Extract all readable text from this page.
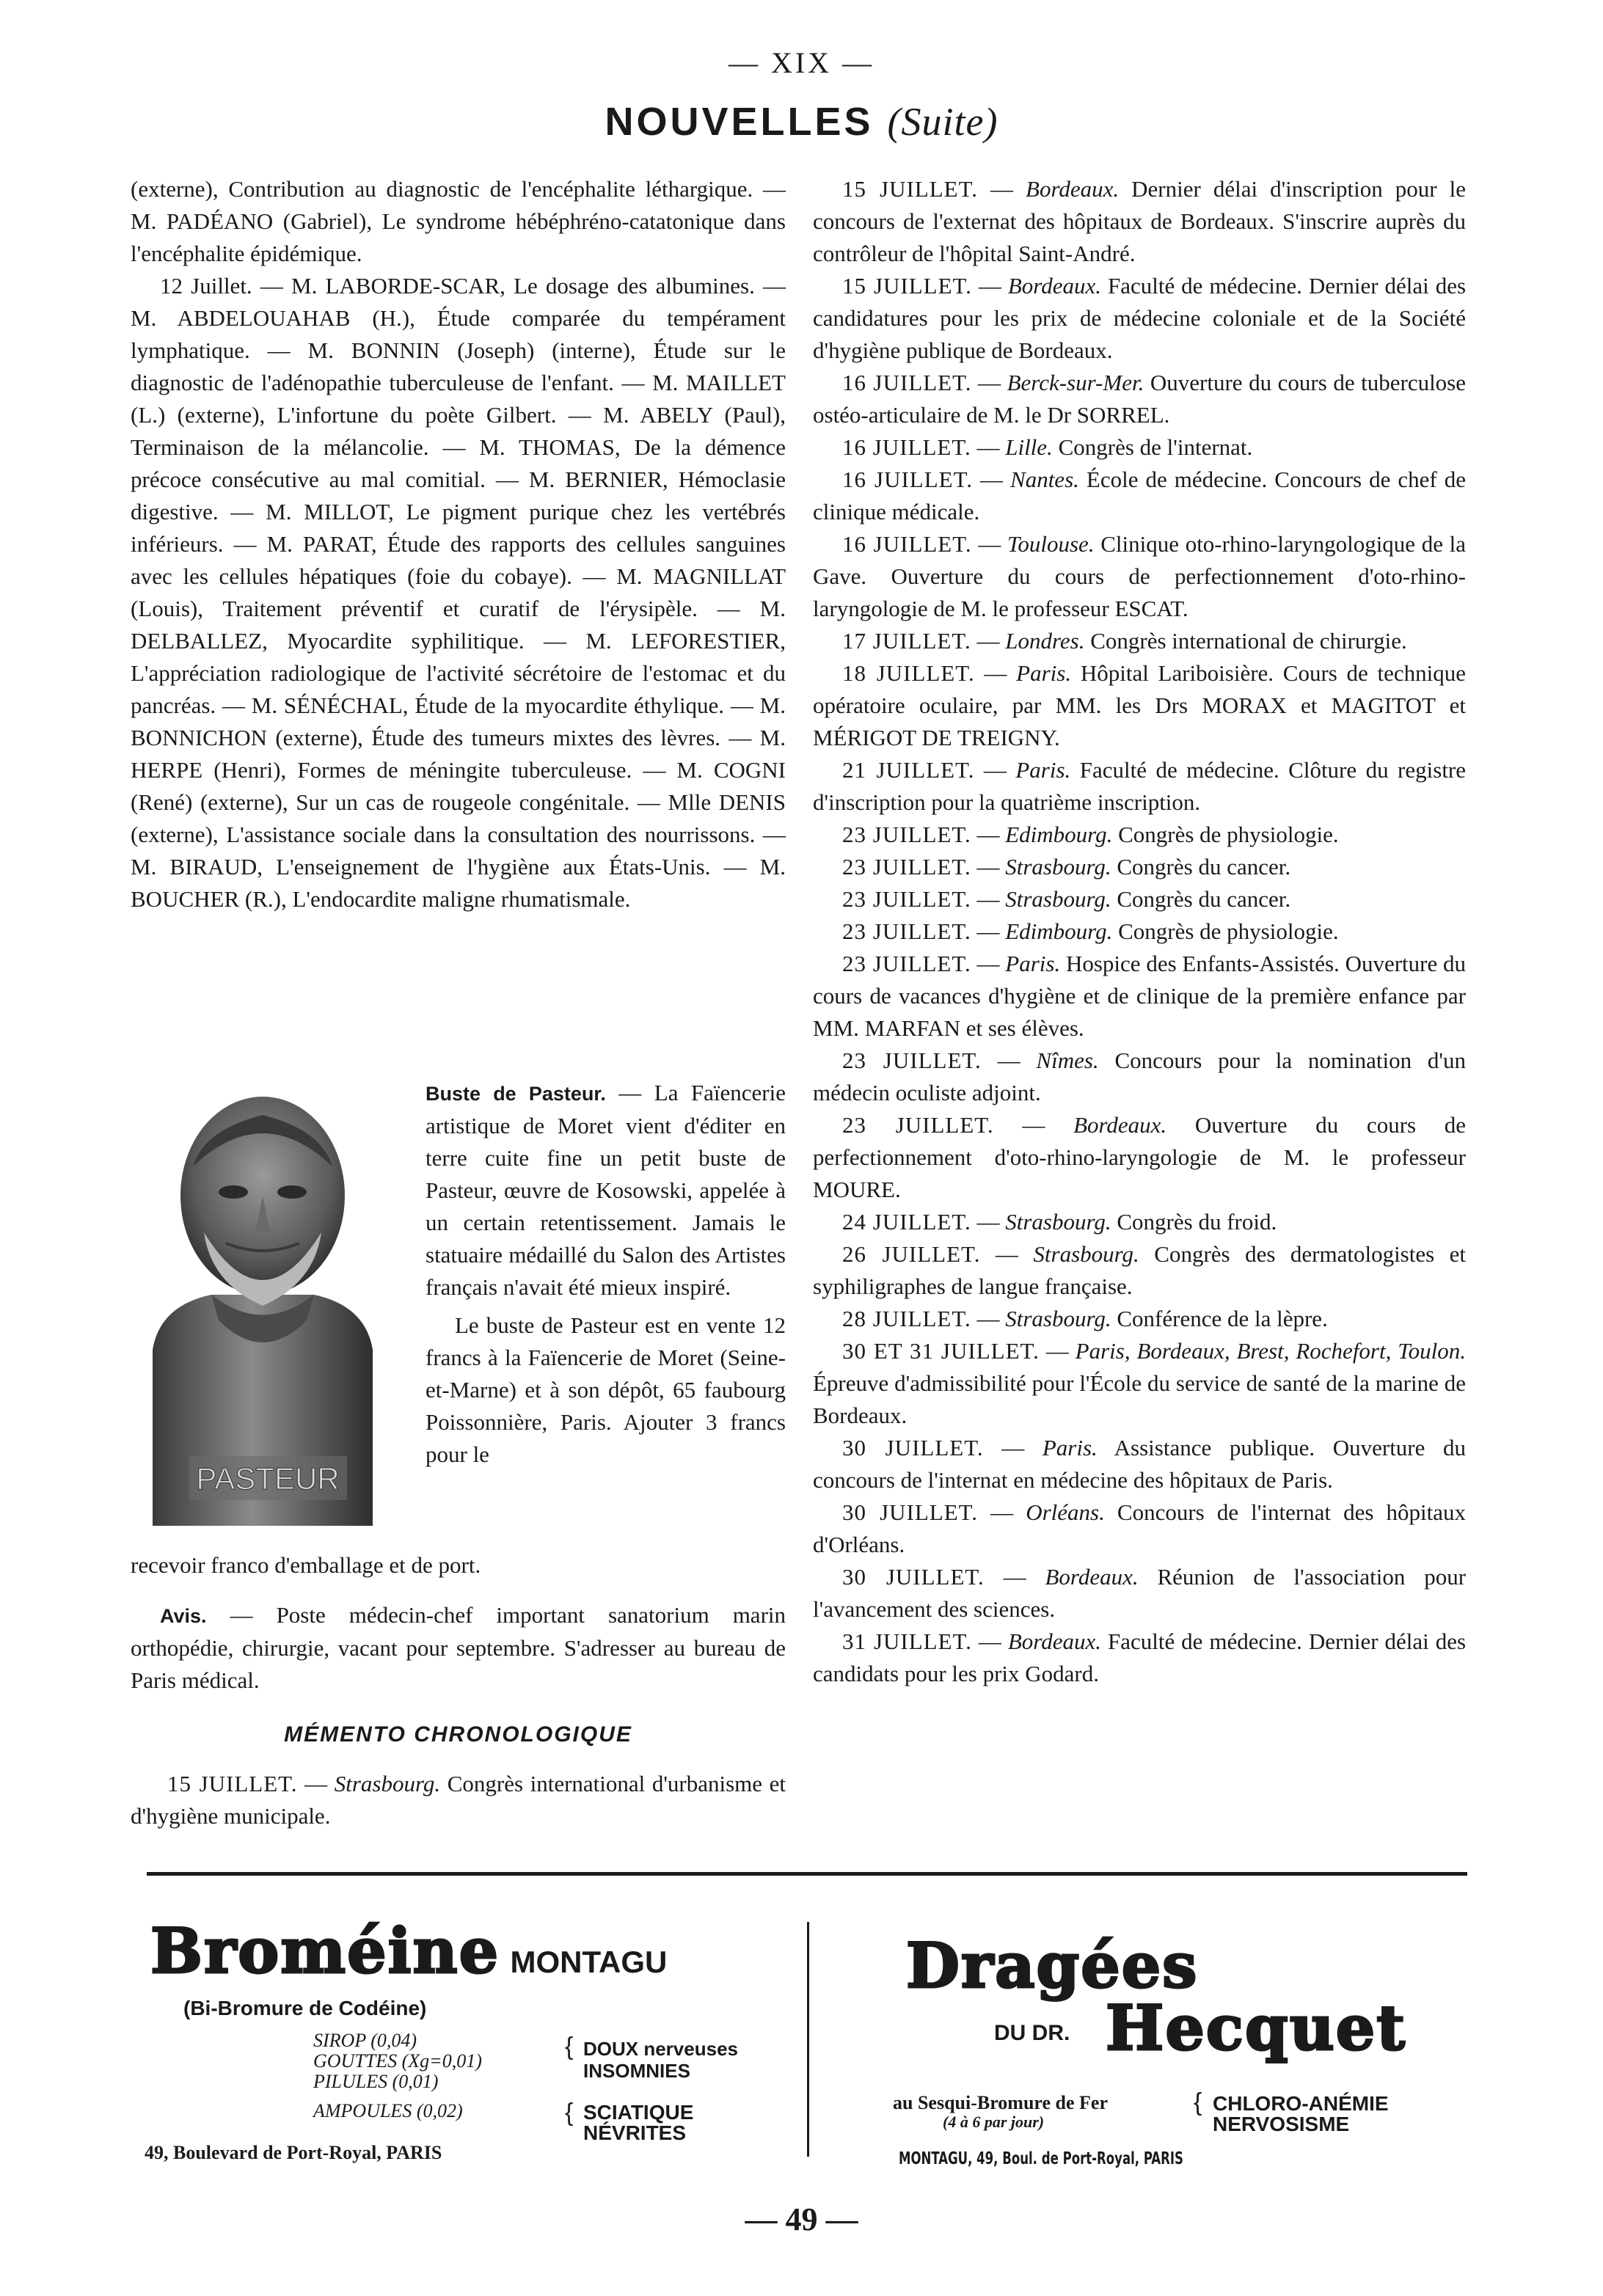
— XIX —
NOUVELLES (Suite)

(externe), Contribution au diagnostic de l'encéphalite léthargique. — M. PADÉANO (Gabriel), Le syndrome hébéphréno-catatonique dans l'encéphalite épidémique.

12 Juillet. — M. LABORDE-SCAR, Le dosage des albumines. — M. ABDELOUAHAB (H.), Étude comparée du tempérament lymphatique. — M. BONNIN (Joseph) (interne), Étude sur le diagnostic de l'adénopathie tuberculeuse de l'enfant. — M. MAILLET (L.) (externe), L'infortune du poète Gilbert. — M. ABELY (Paul), Terminaison de la mélancolie. — M. THOMAS, De la démence précoce consécutive au mal comitial. — M. BERNIER, Hémoclasie digestive. — M. MILLOT, Le pigment purique chez les vertébrés inférieurs. — M. PARAT, Étude des rapports des cellules sanguines avec les cellules hépatiques (foie du cobaye). — M. MAGNILLAT (Louis), Traitement préventif et curatif de l'érysipèle. — M. DELBALLEZ, Myocardite syphilitique. — M. LEFORESTIER, L'appréciation radiologique de l'activité sécrétoire de l'estomac et du pancréas. — M. SÉNÉCHAL, Étude de la myocardite éthylique. — M. BONNICHON (externe), Étude des tumeurs mixtes des lèvres. — M. HERPE (Henri), Formes de méningite tuberculeuse. — M. COGNI (René) (externe), Sur un cas de rougeole congénitale. — Mlle DENIS (externe), L'assistance sociale dans la consultation des nourrissons. — M. BIRAUD, L'enseignement de l'hygiène aux États-Unis. — M. BOUCHER (R.), L'endocardite maligne rhumatismale.

PASTEUR

Buste de Pasteur. — La Faïencerie artistique de Moret vient d'éditer en terre cuite fine un petit buste de Pasteur, œuvre de Kosowski, appelée à un certain retentissement. Jamais le statuaire médaillé du Salon des Artistes français n'avait été mieux inspiré.

Le buste de Pasteur est en vente 12 francs à la Faïencerie de Moret (Seine-et-Marne) et à son dépôt, 65 faubourg Poissonnière, Paris. Ajouter 3 francs pour le

recevoir franco d'emballage et de port.
Avis. — Poste médecin-chef important sanatorium marin orthopédie, chirurgie, vacant pour septembre. S'adresser au bureau de Paris médical.
MÉMENTO CHRONOLOGIQUE
15 JUILLET. — Strasbourg. Congrès international d'urbanisme et d'hygiène municipale.

15 JUILLET. — Bordeaux. Dernier délai d'inscription pour le concours de l'externat des hôpitaux de Bordeaux. S'inscrire auprès du contrôleur de l'hôpital Saint-André.

15 JUILLET. — Bordeaux. Faculté de médecine. Dernier délai des candidatures pour les prix de médecine coloniale et de la Société d'hygiène publique de Bordeaux.

16 JUILLET. — Berck-sur-Mer. Ouverture du cours de tuberculose ostéo-articulaire de M. le Dr SORREL.

16 JUILLET. — Lille. Congrès de l'internat.

16 JUILLET. — Nantes. École de médecine. Concours de chef de clinique médicale.

16 JUILLET. — Toulouse. Clinique oto-rhino-laryngologique de la Gave. Ouverture du cours de perfectionnement d'oto-rhino-laryngologie de M. le professeur ESCAT.

17 JUILLET. — Londres. Congrès international de chirurgie.

18 JUILLET. — Paris. Hôpital Lariboisière. Cours de technique opératoire oculaire, par MM. les Drs MORAX et MAGITOT et MÉRIGOT DE TREIGNY.

21 JUILLET. — Paris. Faculté de médecine. Clôture du registre d'inscription pour la quatrième inscription.

23 JUILLET. — Edimbourg. Congrès de physiologie.

23 JUILLET. — Strasbourg. Congrès du cancer.

23 JUILLET. — Strasbourg. Congrès du cancer.

23 JUILLET. — Edimbourg. Congrès de physiologie.

23 JUILLET. — Paris. Hospice des Enfants-Assistés. Ouverture du cours de vacances d'hygiène et de clinique de la première enfance par MM. MARFAN et ses élèves.

23 JUILLET. — Nîmes. Concours pour la nomination d'un médecin oculiste adjoint.

23 JUILLET. — Bordeaux. Ouverture du cours de perfectionnement d'oto-rhino-laryngologie de M. le professeur MOURE.

24 JUILLET. — Strasbourg. Congrès du froid.

26 JUILLET. — Strasbourg. Congrès des dermatologistes et syphiligraphes de langue française.

28 JUILLET. — Strasbourg. Conférence de la lèpre.

30 ET 31 JUILLET. — Paris, Bordeaux, Brest, Rochefort, Toulon. Épreuve d'admissibilité pour l'École du service de santé de la marine de Bordeaux.

30 JUILLET. — Paris. Assistance publique. Ouverture du concours de l'internat en médecine des hôpitaux de Paris.

30 JUILLET. — Orléans. Concours de l'internat des hôpitaux d'Orléans.

30 JUILLET. — Bordeaux. Réunion de l'association pour l'avancement des sciences.

31 JUILLET. — Bordeaux. Faculté de médecine. Dernier délai des candidats pour les prix Godard.

Broméine MONTAGU
(Bi-Bromure de Codéine)
SIROP (0,04)
GOUTTES (Xg=0,01)
PILULES (0,01)
AMPOULES (0,02)
{ DOUX nerveuses
INSOMNIES
{ SCIATIQUE
NÉVRITES
49, Boulevard de Port-Royal, PARIS
Dragées
DU DR. Hecquet
au Sesqui-Bromure de Fer
(4 à 6 par jour)
{ CHLORO-ANÉMIE
NERVOSISME
MONTAGU, 49, Boul. de Port-Royal, PARIS
— 49 —
